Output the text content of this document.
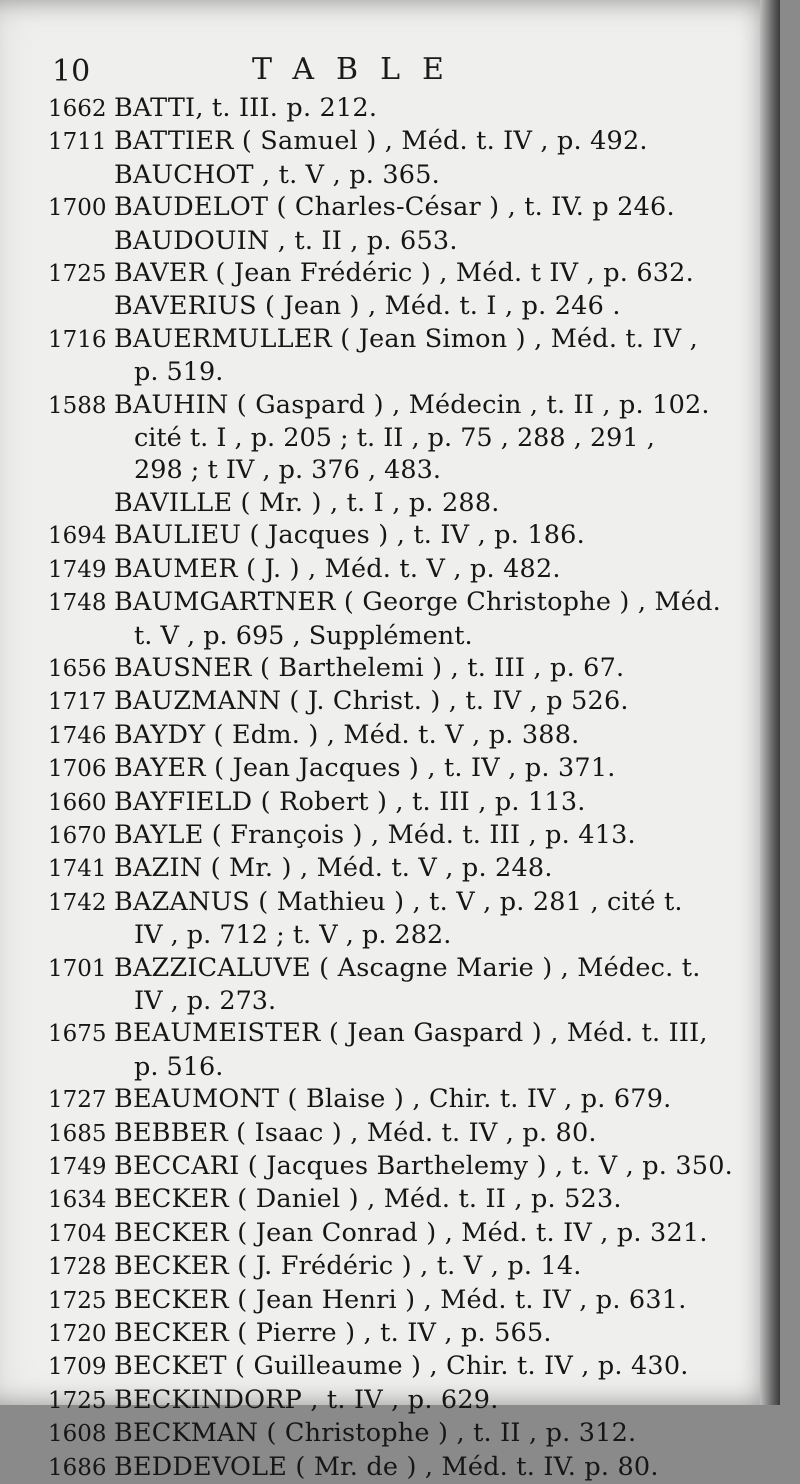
10	TABLE
1662 BATTI, t. III. p. 212.
1711 BATTIER ( Samuel ) , Méd. t. IV , p. 492.
BAUCHOT , t. V , p. 365.
1700 BAUDELOT ( Charles-César ) , t. IV. p 246.
BAUDOUIN , t. II , p. 653.
1725 BAVER ( Jean Frédéric ) , Méd. t IV , p. 632.
BAVERIUS ( Jean ) , Méd. t. I , p. 246 .
1716 BAUERMULLER ( Jean Simon ) , Méd. t. IV ,
p. 519.
1588 BAUHIN ( Gaspard ) , Médecin , t. II , p. 102.
cité t. I , p. 205 ; t. II , p. 75 , 288 , 291 ,
298 ; t IV , p. 376 , 483.
BAVILLE ( Mr. ) , t. I , p. 288.
1694 BAULIEU ( Jacques ) , t. IV , p. 186.
1749 BAUMER ( J. ) , Méd. t. V , p. 482.
1748 BAUMGARTNER ( George Christophe ) , Méd.
t. V , p. 695 , Supplément.
1656 BAUSNER ( Barthelemi ) , t. III , p. 67.
1717 BAUZMANN ( J. Christ. ) , t. IV , p 526.
1746 BAYDY ( Edm. ) , Méd. t. V , p. 388.
1706 BAYER ( Jean Jacques ) , t. IV , p. 371.
1660 BAYFIELD ( Robert ) , t. III , p. 113.
1670 BAYLE ( François ) , Méd. t. III , p. 413.
1741 BAZIN ( Mr. ) , Méd. t. V , p. 248.
1742 BAZANUS ( Mathieu ) , t. V , p. 281 , cité t.
IV , p. 712 ; t. V , p. 282.
1701 BAZZICALUVE ( Ascagne Marie ) , Médec. t.
IV , p. 273.
1675 BEAUMEISTER ( Jean Gaspard ) , Méd. t. III,
p. 516.
1727 BEAUMONT ( Blaise ) , Chir. t. IV , p. 679.
1685 BEBBER ( Isaac ) , Méd. t. IV , p. 80.
1749 BECCARI ( Jacques Barthelemy ) , t. V , p. 350.
1634 BECKER ( Daniel ) , Méd. t. II , p. 523.
1704 BECKER ( Jean Conrad ) , Méd. t. IV , p. 321.
1728 BECKER ( J. Frédéric ) , t. V , p. 14.
1725 BECKER ( Jean Henri ) , Méd. t. IV , p. 631.
1720 BECKER ( Pierre ) , t. IV , p. 565.
1709 BECKET ( Guilleaume ) , Chir. t. IV , p. 430.
1725 BECKINDORP , t. IV , p. 629.
1608 BECKMAN ( Christophe ) , t. II , p. 312.
1686 BEDDEVOLE ( Mr. de ) , Méd. t. IV. p. 80.
